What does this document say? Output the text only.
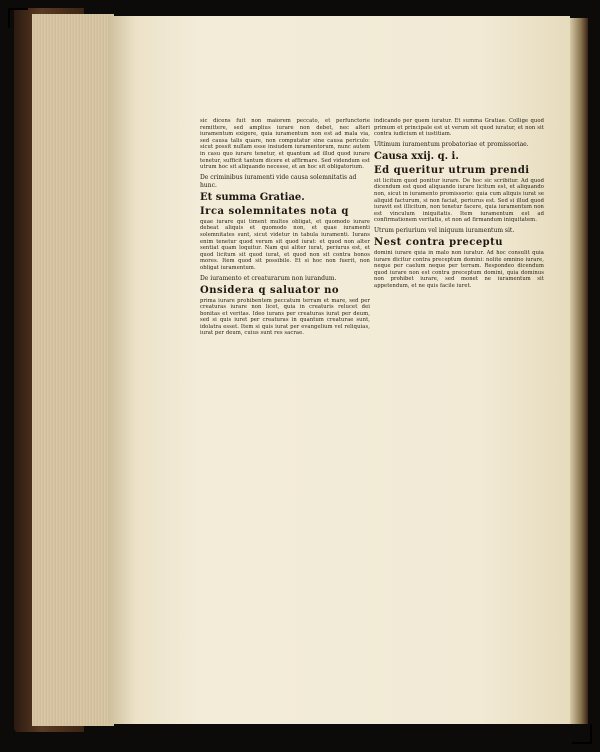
sic dicens fuit non maiorem peccato, et perfunctorie remittere, sed amplius iurare non debet, nec alteri iuramentum exigere, quia iuramentum non est ad mala via, sed causa talis quare, non computatur sine causa periculo: sicut possit nullam esse insiudem iuramentorum, nunc autem in casu quo iurare tenetur, et quantum ad illud quod iurare tenetur, sufficit tantum dicere et affirmare. Sed videndum est utrum hoc sit aliquando necesse, et an hoc sit obligatorium.

De criminibus iuramenti vide causa solemnitatis ad hunc.

Et summa Gratiae.

Irca solemnitates nota q

quae iurare qui timent multos obligat, et quomodo iurare debeat aliquis et quomodo non, et quae iuramenti solemnitates sunt, sicut videtur in tabula iuramenti. Iurans enim tenetur quod verum sit quod iurat: et quod non alter sentiat quam loquitur. Nam qui aliter iurat, periurus est, et quod licitum sit quod iurat, et quod non sit contra bonos mores. Item quod sit possibile. Et si hoc non fuerit, non obligat iuramentum.

De iuramento et creaturarum non iurandum.

Onsidera q saluator no

prima iurare prohibentem peccatum terram et mare, sed per creaturas iurare non licet, quia in creaturis relucet dei bonitas et veritas. Ideo iurans per creaturas iurat per deum, sed si quis iuret per creaturas in quantum creaturae sunt, idolatra esset. Item si quis iurat per evangelium vel reliquias, iurat per deum, cuius sunt res sacrae.

indicando per quem iuratur. Et summa Gratiae. Collige quod primum et principale est ut verum sit quod iuratur, et non sit contra iudicium et iustitiam.

Ultimum iuramentum probatoriae et promissoriae.

Causa xxij. q. i.

Ed queritur utrum prendi

sit licitum quod ponitur iurare. De hoc sic scribitur. Ad quod dicendum est quod aliquando iurare licitum est, et aliquando non, sicut in iuramento promissorio: quia cum aliquis iurat se aliquid facturum, si non faciat, periurus est. Sed si illud quod iuravit est illicitum, non tenetur facere, quia iuramentum non est vinculum iniquitatis. Item iuramentum est ad confirmationem veritatis, et non ad firmandum iniquitatem.

Utrum periurium vel iniquum iuramentum sit.

Nest contra preceptu

domini iurare quia in malo non iuratur. Ad hoc consulit quia iurare dicitur contra preceptum domini: nolite omnino iurare, neque per caelum neque per terram. Respondeo dicendum quod iurare non est contra preceptum domini, quia dominus non prohibet iurare, sed monet ne iuramentum sit appetendum, et ne quis facile iuret.
